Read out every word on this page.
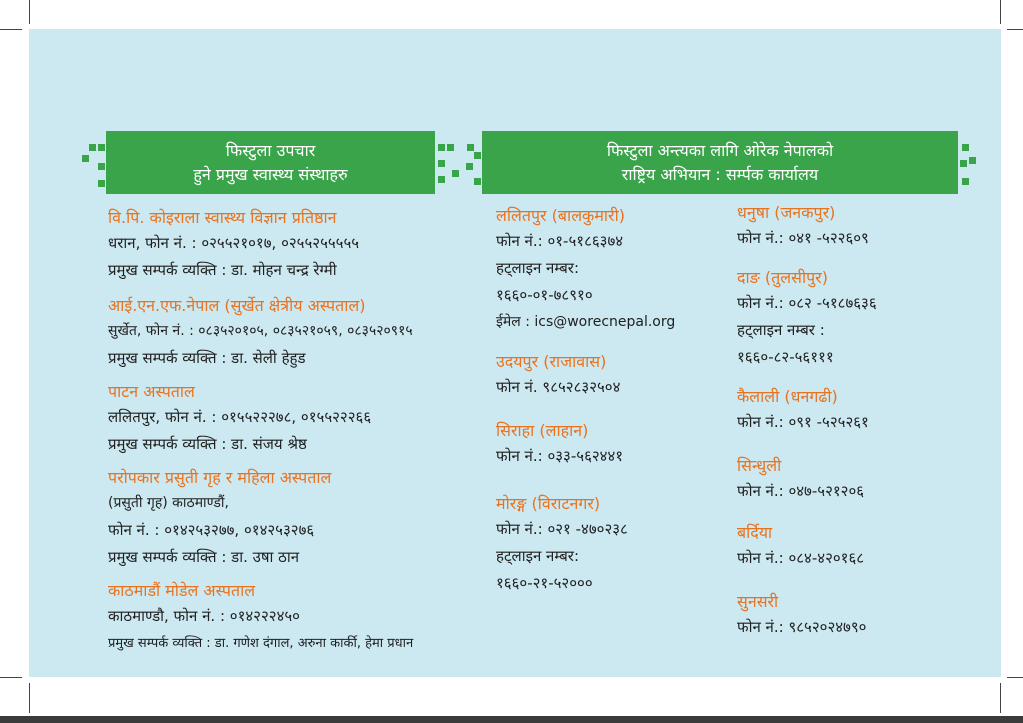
फिस्टुला उपचार
हुने प्रमुख स्वास्थ्य संस्थाहरु
फिस्टुला अन्त्यका लागि ओरेक नेपालको
राष्ट्रिय अभियान : सर्म्पक कार्यालय
वि.पि. कोइराला स्वास्थ्य विज्ञान प्रतिष्ठान
धरान, फोन नं. : ०२५५२१०१७, ०२५५२५५५५५
प्रमुख सम्पर्क व्यक्ति : डा. मोहन चन्द्र रेग्मी
आई.एन.एफ.नेपाल (सुर्खेत क्षेत्रीय अस्पताल)
सुर्खेत, फोन नं. : ०८३५२०१०५, ०८३५२१०५९, ०८३५२०९१५
प्रमुख सम्पर्क व्यक्ति : डा. सेली हेहुड
पाटन अस्पताल
ललितपुर, फोन नं. : ०१५५२२२७८, ०१५५२२२६६
प्रमुख सम्पर्क व्यक्ति : डा. संजय श्रेष्ठ
परोपकार प्रसुती गृह र महिला अस्पताल
(प्रसुती गृह) काठमाण्डौं,
फोन नं. : ०१४२५३२७७, ०१४२५३२७६
प्रमुख सम्पर्क व्यक्ति : डा. उषा ठान
काठमाडौं मोडेल अस्पताल
काठमाण्डौ, फोन नं. : ०१४२२२४५०
प्रमुख सम्पर्क व्यक्ति : डा. गणेश दंगाल, अरुना कार्की, हेमा प्रधान
ललितपुर (बालकुमारी)
फोन नं.: ०१-५१८६३७४
हट्लाइन नम्बर:
१६६०-०१-७८९१०
ईमेल : ics@worecnepal.org
उदयपुर (राजावास)
फोन नं. ९८५२८३२५०४
सिराहा (लाहान)
फोन नं.: ०३३-५६२४४१
मोरङ्ग (विराटनगर)
फोन नं.: ०२१ -४७०२३८
हट्लाइन नम्बर:
१६६०-२१-५२०००
धनुषा (जनकपुर)
फोन नं.: ०४१ -५२२६०९
दाङ (तुलसीपुर)
फोन नं.: ०८२ -५१८७६३६
हट्लाइन नम्बर :
१६६०-८२-५६१११
कैलाली (धनगढी)
फोन नं.: ०९१ -५२५२६१
सिन्धुली
फोन नं.: ०४७-५२१२०६
बर्दिया
फोन नं.: ०८४-४२०१६८
सुनसरी
फोन नं.: ९८५२०२४७९०
